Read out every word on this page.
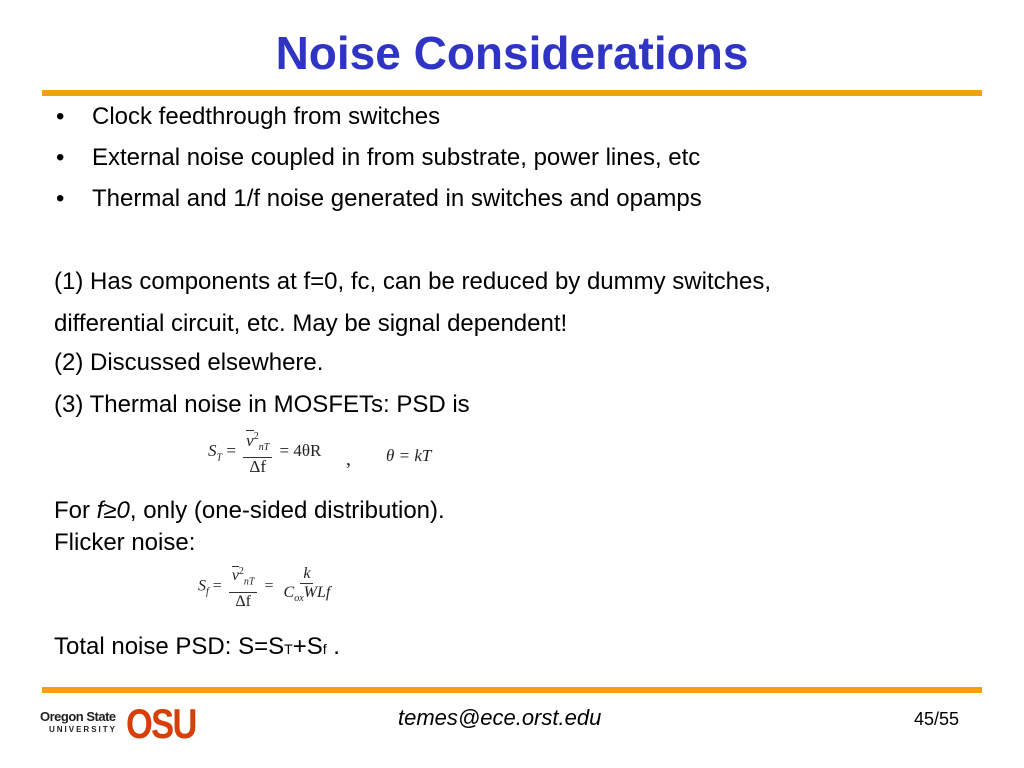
Noise Considerations
•	Clock feedthrough from switches
•	External noise coupled in from substrate, power lines, etc
•	Thermal and 1/f noise generated in switches and opamps
(1) Has components at f=0, fc, can be reduced by dummy switches,
differential circuit, etc. May be signal dependent!
(2) Discussed elsewhere.
(3) Thermal noise in MOSFETs: PSD is
$S_T = \frac{v^2_{nT}}{\Delta f} = 4\theta R$ , θ = kT
For f≥0, only (one-sided distribution).
Flicker noise:
$S_f = \frac{v^2_{nT}}{\Delta f} = \frac{k}{C_{ox}WLf}$
Total noise PSD: S=ST+Sf .
Oregon State
UNIVERSITY OSU	temes@ece.orst.edu	45/55
